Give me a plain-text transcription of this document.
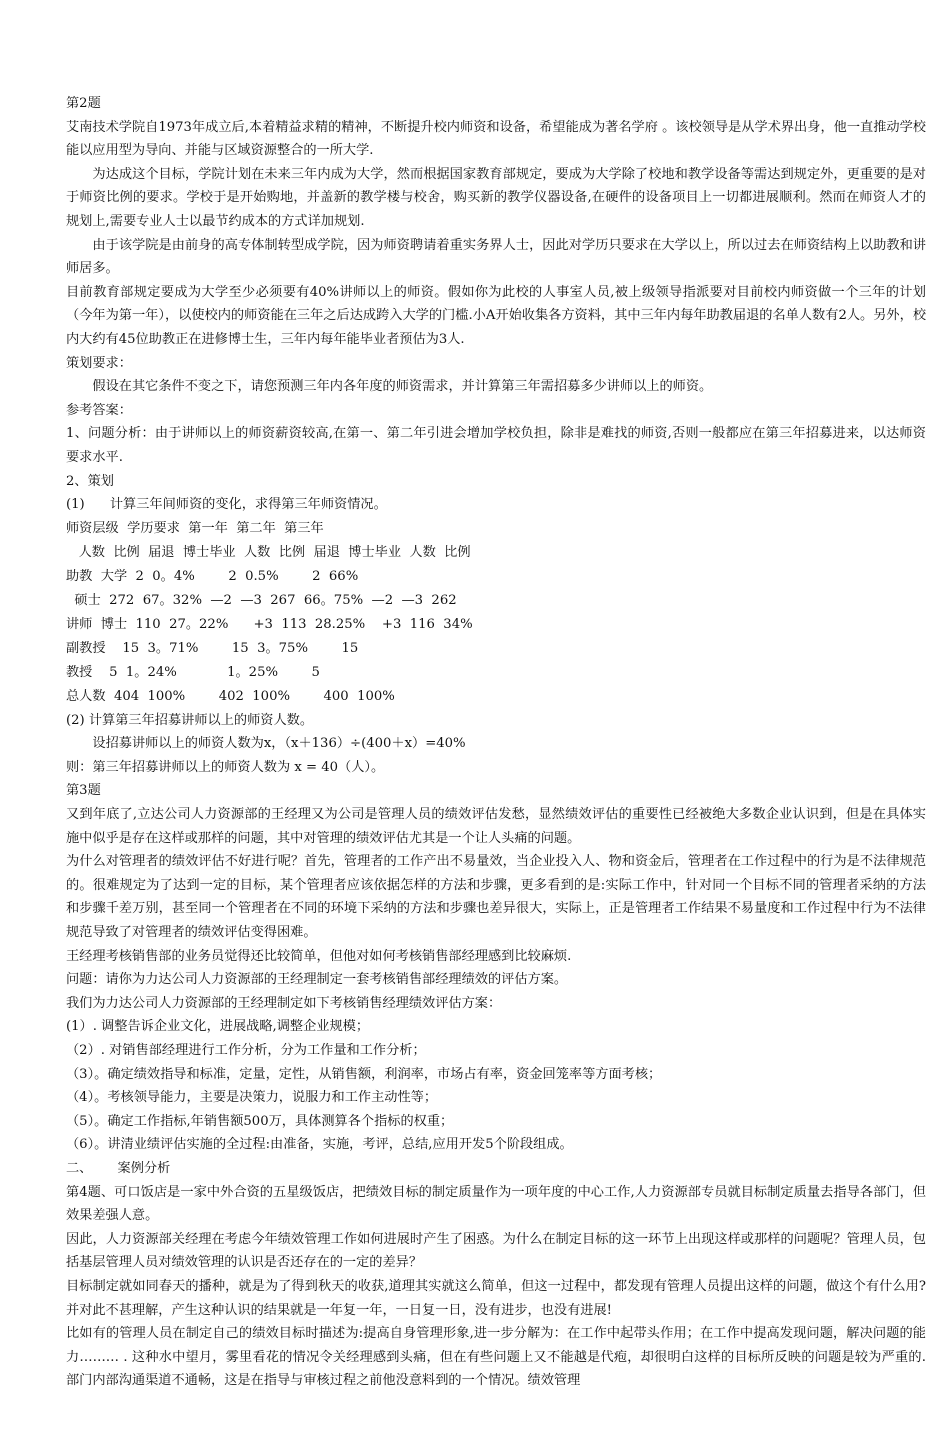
第2题

艾南技术学院自1973年成立后,本着精益求精的精神，不断提升校内师资和设备，希望能成为著名学府 。该校领导是从学术界出身，他一直推动学校能以应用型为导向、并能与区域资源整合的一所大学.

为达成这个目标，学院计划在未来三年内成为大学，然而根据国家教育部规定，要成为大学除了校地和教学设备等需达到规定外，更重要的是对于师资比例的要求。学校于是开始购地，并盖新的教学楼与校舍，购买新的教学仪器设备,在硬件的设备项目上一切都进展顺利。然而在师资人才的规划上,需要专业人士以最节约成本的方式详加规划.

由于该学院是由前身的高专体制转型成学院，因为师资聘请着重实务界人士，因此对学历只要求在大学以上，所以过去在师资结构上以助教和讲师居多。

目前教育部规定要成为大学至少必须要有40%讲师以上的师资。假如你为此校的人事室人员,被上级领导指派要对目前校内师资做一个三年的计划（今年为第一年），以使校内的师资能在三年之后达成跨入大学的门槛.小A开始收集各方资料，其中三年内每年助教届退的名单人数有2人。另外，校内大约有45位助教正在进修博士生，三年内每年能毕业者预估为3人.

策划要求：

假设在其它条件不变之下，请您预测三年内各年度的师资需求，并计算第三年需招募多少讲师以上的师资。

参考答案：

1、问题分析：由于讲师以上的师资薪资较高,在第一、第二年引进会增加学校负担，除非是难找的师资,否则一般都应在第三年招募进来，以达师资要求水平.

2、策划

(1)      计算三年间师资的变化，求得第三年师资情况。

师资层级  学历要求  第一年  第二年  第三年

人数  比例  届退  博士毕业  人数  比例  届退  博士毕业  人数  比例

助教  大学  2  0。4%        2  0.5%        2  66%

硕士  272  67。32%  —2  —3  267  66。75%  —2  —3  262

讲师  博士  110  27。22%      +3  113  28.25%    +3  116  34%

副教授    15  3。71%        15  3。75%        15

教授    5  1。24%            1。25%        5

总人数  404  100%        402  100%        400  100%

(2) 计算第三年招募讲师以上的师资人数。

设招募讲师以上的师资人数为x，（x＋136）÷(400＋x）=40%

则：第三年招募讲师以上的师资人数为 x = 40（人）。

第3题

又到年底了,立达公司人力资源部的王经理又为公司是管理人员的绩效评估发愁，显然绩效评估的重要性已经被绝大多数企业认识到，但是在具体实施中似乎是存在这样或那样的问题，其中对管理的绩效评估尤其是一个让人头痛的问题。

为什么对管理者的绩效评估不好进行呢？首先，管理者的工作产出不易量效，当企业投入人、物和资金后，管理者在工作过程中的行为是不法律规范的。很难规定为了达到一定的目标，某个管理者应该依据怎样的方法和步骤，更多看到的是:实际工作中，针对同一个目标不同的管理者采纳的方法和步骤千差万别，甚至同一个管理者在不同的环境下采纳的方法和步骤也差异很大，实际上，正是管理者工作结果不易量度和工作过程中行为不法律规范导致了对管理者的绩效评估变得困难。

王经理考核销售部的业务员觉得还比较简单，但他对如何考核销售部经理感到比较麻烦.

问题：请你为力达公司人力资源部的王经理制定一套考核销售部经理绩效的评估方案。

我们为力达公司人力资源部的王经理制定如下考核销售经理绩效评估方案：

(1）. 调整告诉企业文化，进展战略,调整企业规模；

（2）. 对销售部经理进行工作分析，分为工作量和工作分析；

（3）。确定绩效指导和标准，定量，定性，从销售额，利润率，市场占有率，资金回笼率等方面考核；

（4）。考核领导能力，主要是决策力，说服力和工作主动性等；

（5）。确定工作指标,年销售额500万，具体测算各个指标的权重；

（6）。讲清业绩评估实施的全过程:由准备，实施，考评，总结,应用开发5个阶段组成。

二、      案例分析

第4题、可口饭店是一家中外合资的五星级饭店，把绩效目标的制定质量作为一项年度的中心工作,人力资源部专员就目标制定质量去指导各部门，但效果差强人意。

因此，人力资源部关经理在考虑今年绩效管理工作如何进展时产生了困惑。为什么在制定目标的这一环节上出现这样或那样的问题呢？管理人员，包括基层管理人员对绩效管理的认识是否还存在的一定的差异？

目标制定就如同春天的播种，就是为了得到秋天的收获,道理其实就这么简单，但这一过程中，都发现有管理人员提出这样的问题，做这个有什么用?并对此不甚理解，产生这种认识的结果就是一年复一年，一日复一日，没有进步，也没有进展!

比如有的管理人员在制定自己的绩效目标时描述为:提高自身管理形象,进一步分解为：在工作中起带头作用；在工作中提高发现问题，解决问题的能力……… . 这种水中望月，雾里看花的情况令关经理感到头痛，但在有些问题上又不能越是代疱，却很明白这样的目标所反映的问题是较为严重的.部门内部沟通渠道不通畅，这是在指导与审核过程之前他没意料到的一个情况。绩效管理
